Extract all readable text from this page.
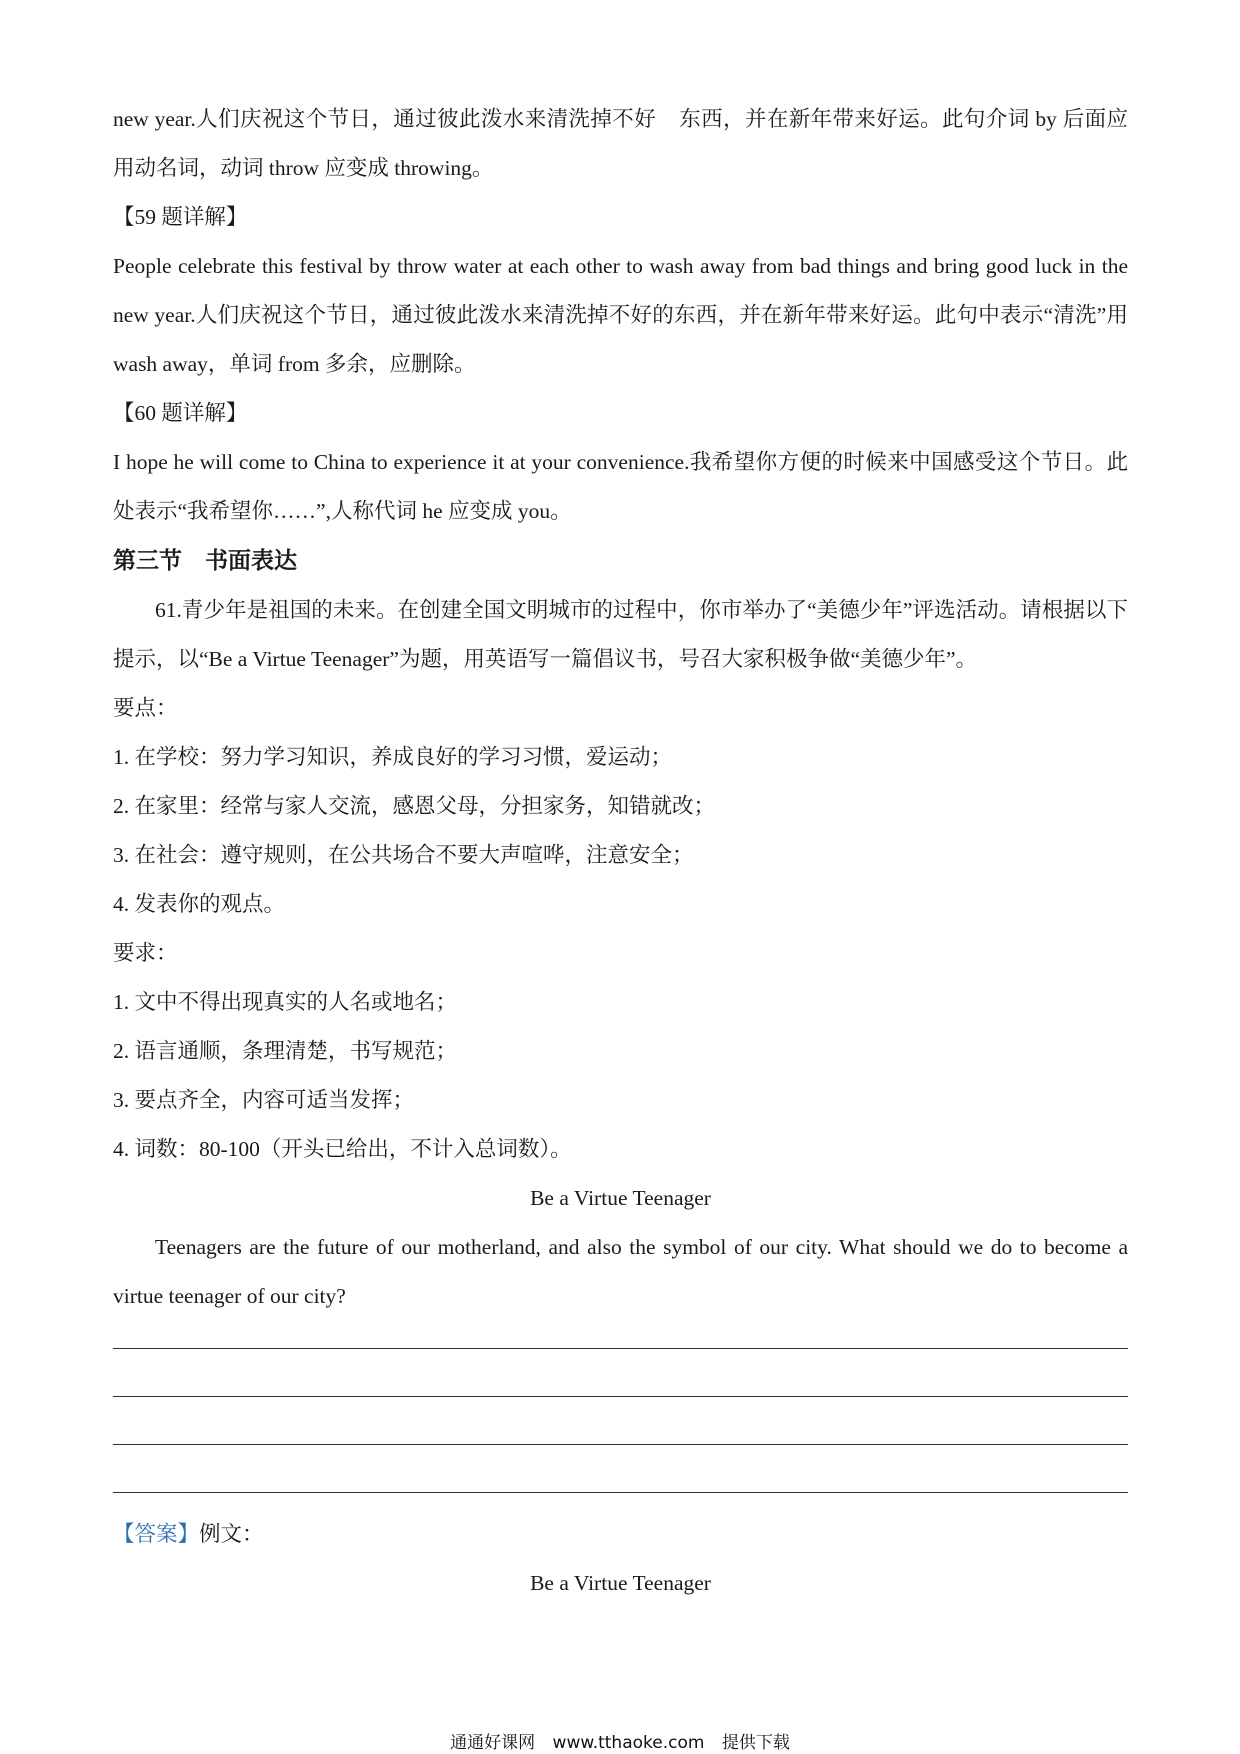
new year.人们庆祝这个节日，通过彼此泼水来清洗掉不好    东西，并在新年带来好运。此句介词 by 后面应用动名词，动词 throw 应变成 throwing。

【59 题详解】

People celebrate this festival by throw water at each other to wash away from bad things and bring good luck in the new year.人们庆祝这个节日，通过彼此泼水来清洗掉不好的东西，并在新年带来好运。此句中表示“清洗”用 wash away，单词 from 多余，应删除。

【60 题详解】

I hope he will come to China to experience it at your convenience.我希望你方便的时候来中国感受这个节日。此处表示“我希望你……”,人称代词 he 应变成 you。

第三节　书面表达

61.青少年是祖国的未来。在创建全国文明城市的过程中，你市举办了“美德少年”评选活动。请根据以下提示，以“Be a Virtue Teenager”为题，用英语写一篇倡议书，号召大家积极争做“美德少年”。

要点：

1. 在学校：努力学习知识，养成良好的学习习惯，爱运动；

2. 在家里：经常与家人交流，感恩父母，分担家务，知错就改；

3. 在社会：遵守规则，在公共场合不要大声喧哗，注意安全；

4. 发表你的观点。

要求：

1. 文中不得出现真实的人名或地名；

2. 语言通顺，条理清楚，书写规范；

3. 要点齐全，内容可适当发挥；

4. 词数：80-100（开头已给出，不计入总词数）。

Be a Virtue Teenager

Teenagers are the future of our motherland, and also the symbol of our city. What should we do to become a virtue teenager of our city?

【答案】例文：

Be a Virtue Teenager

通通好课网 www.tthaoke.com 提供下载
